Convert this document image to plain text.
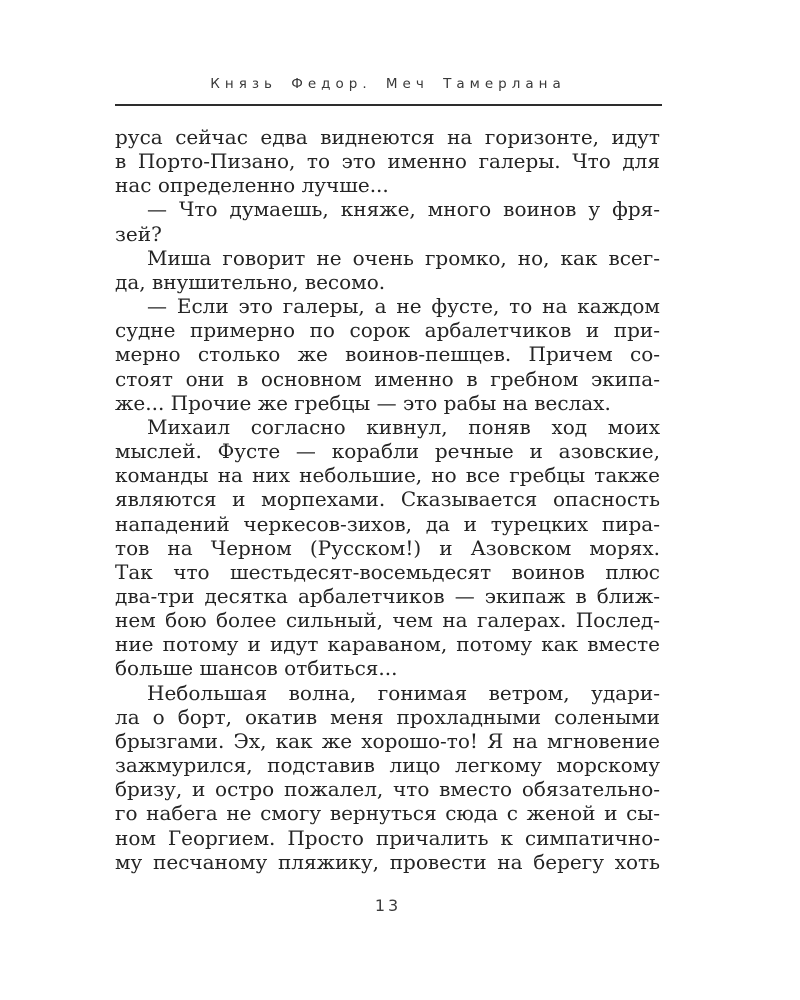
Князь Федор. Меч Тамерлана
руса сейчас едва виднеются на горизонте, идут
в Порто-Пизано, то это именно галеры. Что для
нас определенно лучше...
— Что думаешь, княже, много воинов у фря-
зей?
Миша говорит не очень громко, но, как всег-
да, внушительно, весомо.
— Если это галеры, а не фусте, то на каждом
судне примерно по сорок арбалетчиков и при-
мерно столько же воинов-пешцев. Причем со-
стоят они в основном именно в гребном экипа-
же... Прочие же гребцы — это рабы на веслах.
Михаил согласно кивнул, поняв ход моих
мыслей. Фусте — корабли речные и азовские,
команды на них небольшие, но все гребцы также
являются и морпехами. Сказывается опасность
нападений черкесов-зихов, да и турецких пира-
тов на Черном (Русском!) и Азовском морях.
Так что шестьдесят-восемьдесят воинов плюс
два-три десятка арбалетчиков — экипаж в ближ-
нем бою более сильный, чем на галерах. Послед-
ние потому и идут караваном, потому как вместе
больше шансов отбиться...
Небольшая волна, гонимая ветром, удари-
ла о борт, окатив меня прохладными солеными
брызгами. Эх, как же хорошо-то! Я на мгновение
зажмурился, подставив лицо легкому морскому
бризу, и остро пожалел, что вместо обязательно-
го набега не смогу вернуться сюда с женой и сы-
ном Георгием. Просто причалить к симпатично-
му песчаному пляжику, провести на берегу хоть
13
